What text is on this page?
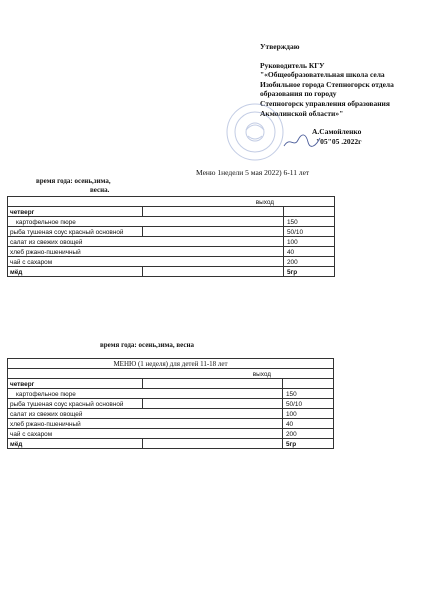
Утверждаю
Руководитель КГУ
"«Общеобразовательная школа села
Изобильное города Степногорск отдела
образования по городу
Степногорск управления образования
Акмолинской области»"
А.Самойленко
"05"05 .2022г
Меню 1недели 5 мая 2022) 6-11 лет
время года: осень,зима,
весна.
выход		
четверг		
картофельное пюре		150
рыба тушеная соус красный основной		50/10
салат из свежих овощей		100
хлеб ржано-пшеничный		40
чай с сахаром		200
мёд		5гр
время года: осень,зима, весна
МЕНЮ (1 неделя) для детей 11-18 лет		
выход		
четверг		
картофельное пюре		150
рыба тушеная соус красный основной		50/10
салат из свежих овощей		100
хлеб ржано-пшеничный		40
чай с сахаром		200
мёд		5гр
